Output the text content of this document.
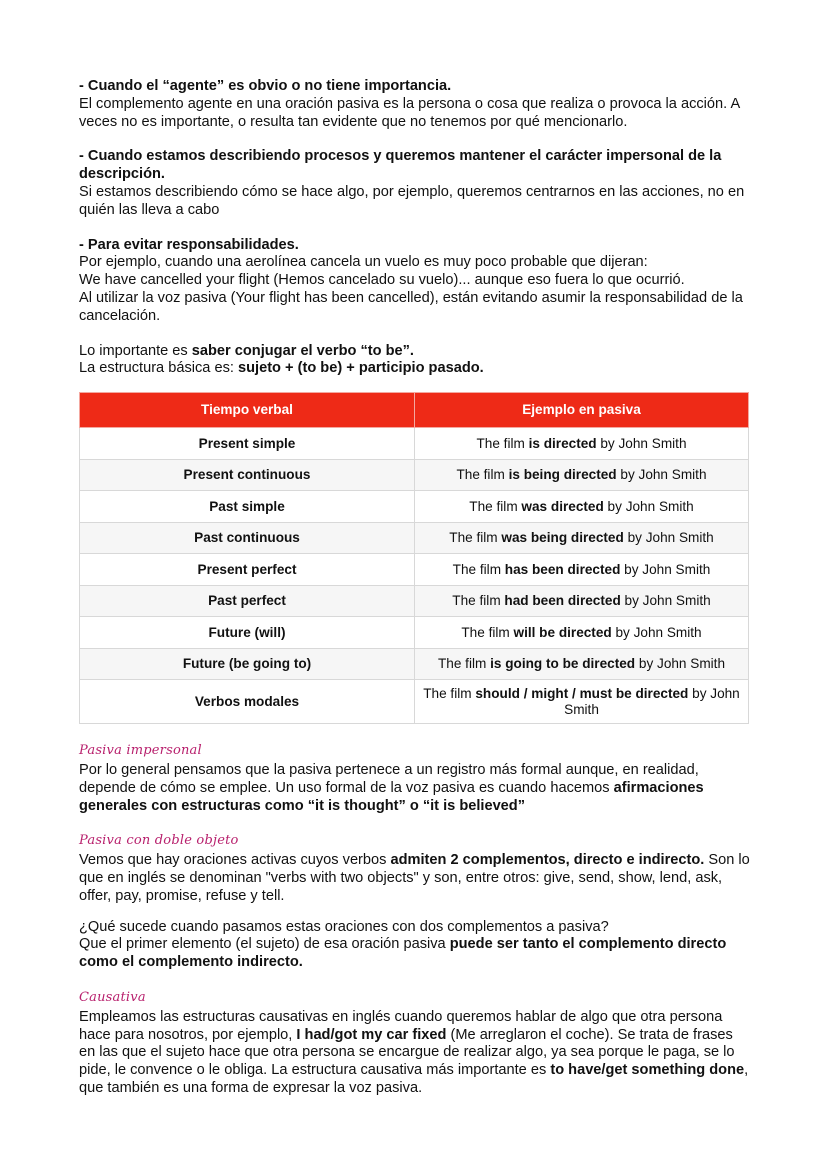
- Cuando el “agente” es obvio o no tiene importancia.

El complemento agente en una oración pasiva es la persona o cosa que realiza o provoca la acción. A veces no es importante, o resulta tan evidente que no tenemos por qué mencionarlo.

- Cuando estamos describiendo procesos y queremos mantener el carácter impersonal de la descripción.

Si estamos describiendo cómo se hace algo, por ejemplo, queremos centrarnos en las acciones, no en quién las lleva a cabo

- Para evitar responsabilidades.

Por ejemplo, cuando una aerolínea cancela un vuelo es muy poco probable que dijeran:

We have cancelled your flight (Hemos cancelado su vuelo)... aunque eso fuera lo que ocurrió.

Al utilizar la voz pasiva (Your flight has been cancelled), están evitando asumir la responsabilidad de la cancelación.

Lo importante es saber conjugar el verbo “to be”.

La estructura básica es: sujeto + (to be) + participio pasado.

Tiempo verbal	Ejemplo en pasiva
Present simple	The film is directed by John Smith
Present continuous	The film is being directed by John Smith
Past simple	The film was directed by John Smith
Past continuous	The film was being directed by John Smith
Present perfect	The film has been directed by John Smith
Past perfect	The film had been directed by John Smith
Future (will)	The film will be directed by John Smith
Future (be going to)	The film is going to be directed by John Smith
Verbos modales	The film should / might / must be directed by John Smith

Pasiva impersonal

Por lo general pensamos que la pasiva pertenece a un registro más formal aunque, en realidad, depende de cómo se emplee. Un uso formal de la voz pasiva es cuando hacemos afirmaciones generales con estructuras como “it is thought” o “it is believed”

Pasiva con doble objeto

Vemos que hay oraciones activas cuyos verbos admiten 2 complementos, directo e indirecto. Son lo que en inglés se denominan "verbs with two objects" y son, entre otros: give, send, show, lend, ask, offer, pay, promise, refuse y tell.

¿Qué sucede cuando pasamos estas oraciones con dos complementos a pasiva?

Que el primer elemento (el sujeto) de esa oración pasiva puede ser tanto el complemento directo como el complemento indirecto.

Causativa

Empleamos las estructuras causativas en inglés cuando queremos hablar de algo que otra persona hace para nosotros, por ejemplo, I had/got my car fixed (Me arreglaron el coche). Se trata de frases en las que el sujeto hace que otra persona se encargue de realizar algo, ya sea porque le paga, se lo pide, le convence o le obliga. La estructura causativa más importante es to have/get something done, que también es una forma de expresar la voz pasiva.
